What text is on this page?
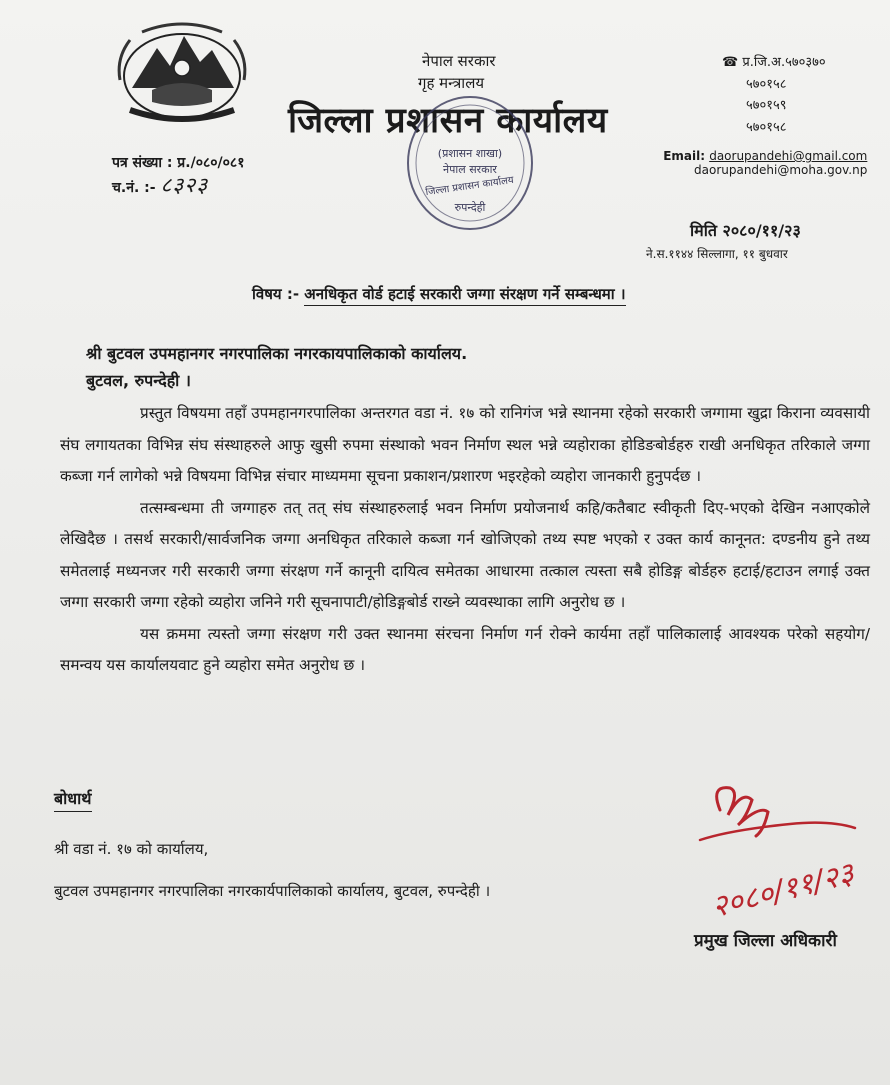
नेपाल सरकार
गृह मन्त्रालय
जिल्ला प्रशासन कार्यालय
☎ प्र.जि.अ.५७०३७०
५७०१५८
५७०१५९
५७०१५८
Email: daorupandehi@gmail.com
daorupandehi@moha.gov.np
पत्र संख्या : प्र./०८०/०८१
च.नं. :- ८३२३
(प्रशासन शाखा)
नेपाल सरकार
जिल्ला प्रशासन कार्यालय
रुपन्देही
मिति २०८०/११/२३
ने.स.११४४ सिल्लागा, ११ बुधवार
विषय :- अनधिकृत वोर्ड हटाई सरकारी जग्गा संरक्षण गर्ने सम्बन्धमा ।
श्री बुटवल उपमहानगर नगरपालिका नगरकायपालिकाको कार्यालय.
बुटवल, रुपन्देही ।

प्रस्तुत विषयमा तहाँ उपमहानगरपालिका अन्तरगत वडा नं. १७ को रानिगंज भन्ने स्थानमा रहेको सरकारी जग्गामा खुद्रा किराना व्यवसायी संघ लगायतका विभिन्न संघ संस्थाहरुले आफु खुसी रुपमा संस्थाको भवन निर्माण स्थल भन्ने व्यहोराका होडिङबोर्डहरु राखी अनधिकृत तरिकाले जग्गा कब्जा गर्न लागेको भन्ने विषयमा विभिन्न संचार माध्यममा सूचना प्रकाशन/प्रशारण भइरहेको व्यहोरा जानकारी हुनुपर्दछ ।

तत्सम्बन्धमा ती जग्गाहरु तत् तत् संघ संस्थाहरुलाई भवन निर्माण प्रयोजनार्थ कहि/कतैबाट स्वीकृती दिए-भएको देखिन नआएकोले लेखिदैछ । तसर्थ सरकारी/सार्वजनिक जग्गा अनधिकृत तरिकाले कब्जा गर्न खोजिएको तथ्य स्पष्ट भएको र उक्त कार्य कानूनत: दण्डनीय हुने तथ्य समेतलाई मध्यनजर गरी सरकारी जग्गा संरक्षण गर्ने कानूनी दायित्व समेतका आधारमा तत्काल त्यस्ता सबै होडिङ्ग बोर्डहरु हटाई/हटाउन लगाई उक्त जग्गा सरकारी जग्गा रहेको व्यहोरा जनिने गरी सूचनापाटी/होडिङ्गबोर्ड राख्ने व्यवस्थाका लागि अनुरोध छ ।

यस क्रममा त्यस्तो जग्गा संरक्षण गरी उक्त स्थानमा संरचना निर्माण गर्न रोक्ने कार्यमा तहाँ पालिकालाई आवश्यक परेको सहयोग/समन्वय यस कार्यालयवाट हुने व्यहोरा समेत अनुरोध छ ।

बोधार्थ
श्री वडा नं. १७ को कार्यालय,
बुटवल उपमहानगर नगरपालिका नगरकार्यपालिकाको कार्यालय, बुटवल, रुपन्देही ।	२०८०/११/२३
प्रमुख जिल्ला अधिकारी
